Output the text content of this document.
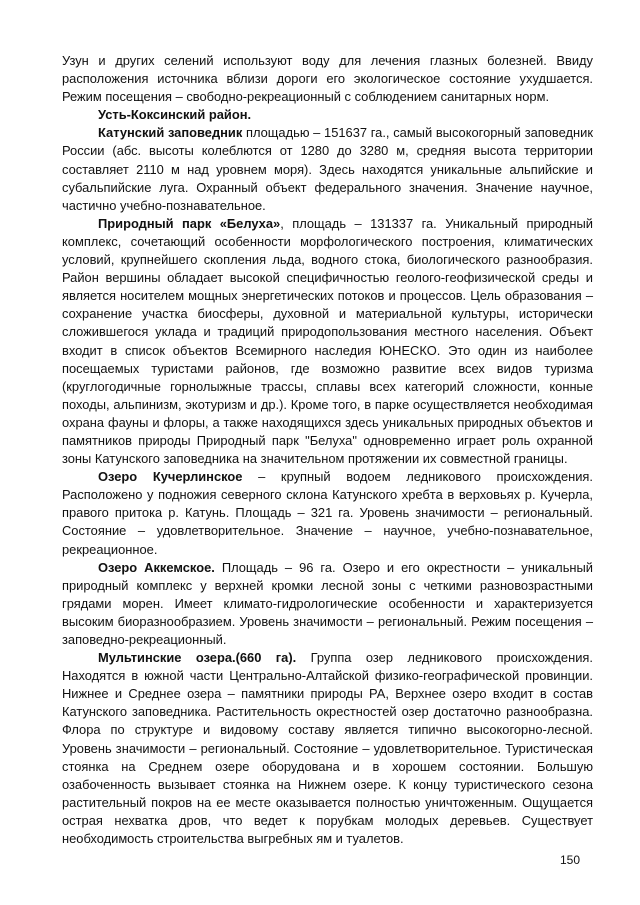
Узун и других селений используют воду для лечения глазных болезней. Ввиду расположения источника вблизи дороги его экологическое состояние ухудшается. Режим посещения – свободно-рекреационный с соблюдением санитарных норм.

Усть-Коксинский район.

Катунский заповедник площадью – 151637 га., самый высокогорный заповедник России (абс. высоты колеблются от 1280 до 3280 м, средняя высота территории составляет 2110 м над уровнем моря). Здесь находятся уникальные альпийские и субальпийские луга. Охранный объект федерального значения. Значение научное, частично учебно-познавательное.

Природный парк «Белуха», площадь – 131337 га. Уникальный природный комплекс, сочетающий особенности морфологического построения, климатических условий, крупнейшего скопления льда, водного стока, биологического разнообразия. Район вершины обладает высокой специфичностью геолого-геофизической среды и является носителем мощных энергетических потоков и процессов. Цель образования – сохранение участка биосферы, духовной и материальной культуры, исторически сложившегося уклада и традиций природопользования местного населения. Объект входит в список объектов Всемирного наследия ЮНЕСКО. Это один из наиболее посещаемых туристами районов, где возможно развитие всех видов туризма (круглогодичные горнолыжные трассы, сплавы всех категорий сложности, конные походы, альпинизм, экотуризм и др.). Кроме того, в парке осуществляется необходимая охрана фауны и флоры, а также находящихся здесь уникальных природных объектов и памятников природы Природный парк "Белуха" одновременно играет роль охранной зоны Катунского заповедника на значительном протяжении их совместной границы.

Озеро Кучерлинское – крупный водоем ледникового происхождения. Расположено у подножия северного склона Катунского хребта в верховьях р. Кучерла, правого притока р. Катунь. Площадь – 321 га. Уровень значимости – региональный. Состояние – удовлетворительное. Значение – научное, учебно-познавательное, рекреационное.

Озеро Аккемское. Площадь – 96 га. Озеро и его окрестности – уникальный природный комплекс у верхней кромки лесной зоны с четкими разновозрастными грядами морен. Имеет климато-гидрологические особенности и характеризуется высоким биоразнообразием. Уровень значимости – региональный. Режим посещения – заповедно-рекреационный.

Мультинские озера.(660 га). Группа озер ледникового происхождения. Находятся в южной части Центрально-Алтайской физико-географической провинции. Нижнее и Среднее озера – памятники природы РА, Верхнее озеро входит в состав Катунского заповедника. Растительность окрестностей озер достаточно разнообразна. Флора по структуре и видовому составу является типично высокогорно-лесной. Уровень значимости – региональный. Состояние – удовлетворительное. Туристическая стоянка на Среднем озере оборудована и в хорошем состоянии. Большую озабоченность вызывает стоянка на Нижнем озере. К концу туристического сезона растительный покров на ее месте оказывается полностью уничтоженным. Ощущается острая нехватка дров, что ведет к порубкам молодых деревьев. Существует необходимость строительства выгребных ям и туалетов.

150
